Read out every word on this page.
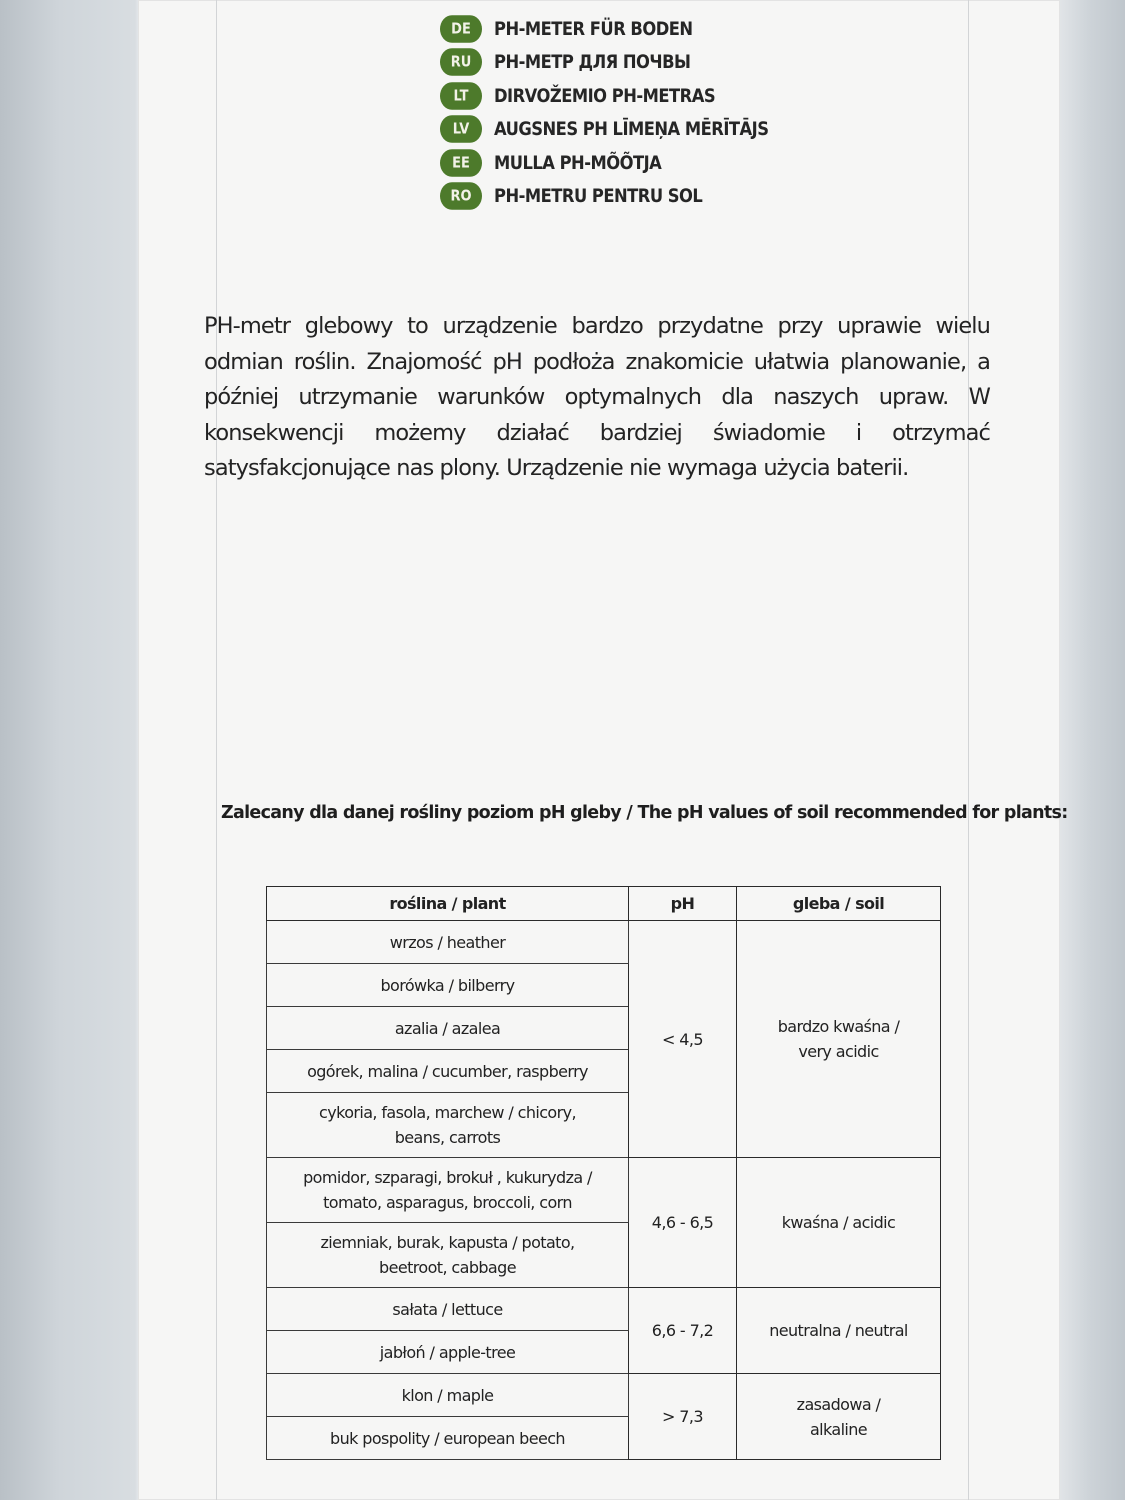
DE	PH-METER FÜR BODEN
RU	PH-МЕТР ДЛЯ ПОЧВЫ
LT	DIRVOŽEMIO PH-METRAS
LV	AUGSNES PH LĪMEŅA MĒRĪTĀJS
EE	MULLA PH-MÕÕTJA
RO	PH-METRU PENTRU SOL

PH-metr glebowy to urządzenie bardzo przydatne przy uprawie wielu odmian roślin. Znajomość pH podłoża znakomicie ułatwia planowanie, a później utrzymanie warunków optymalnych dla naszych upraw. W konsekwencji możemy działać bardziej świadomie i otrzymać satysfakcjonujące nas plony. Urządzenie nie wymaga użycia baterii.

Zalecany dla danej rośliny poziom pH gleby / The pH values of soil recommended for plants:

roślina / plant	pH	gleba / soil
wrzos / heather	< 4,5	bardzo kwaśna / very acidic
borówka / bilberry		
azalia / azalea		
ogórek, malina / cucumber, raspberry		
cykoria, fasola, marchew / chicory, beans, carrots		
pomidor, szparagi, brokuł , kukurydza / tomato, asparagus, broccoli, corn	4,6 - 6,5	kwaśna / acidic
ziemniak, burak, kapusta / potato, beetroot, cabbage		
sałata / lettuce	6,6 - 7,2	neutralna / neutral
jabłoń / apple-tree		
klon / maple	> 7,3	zasadowa / alkaline
buk pospolity / european beech		
